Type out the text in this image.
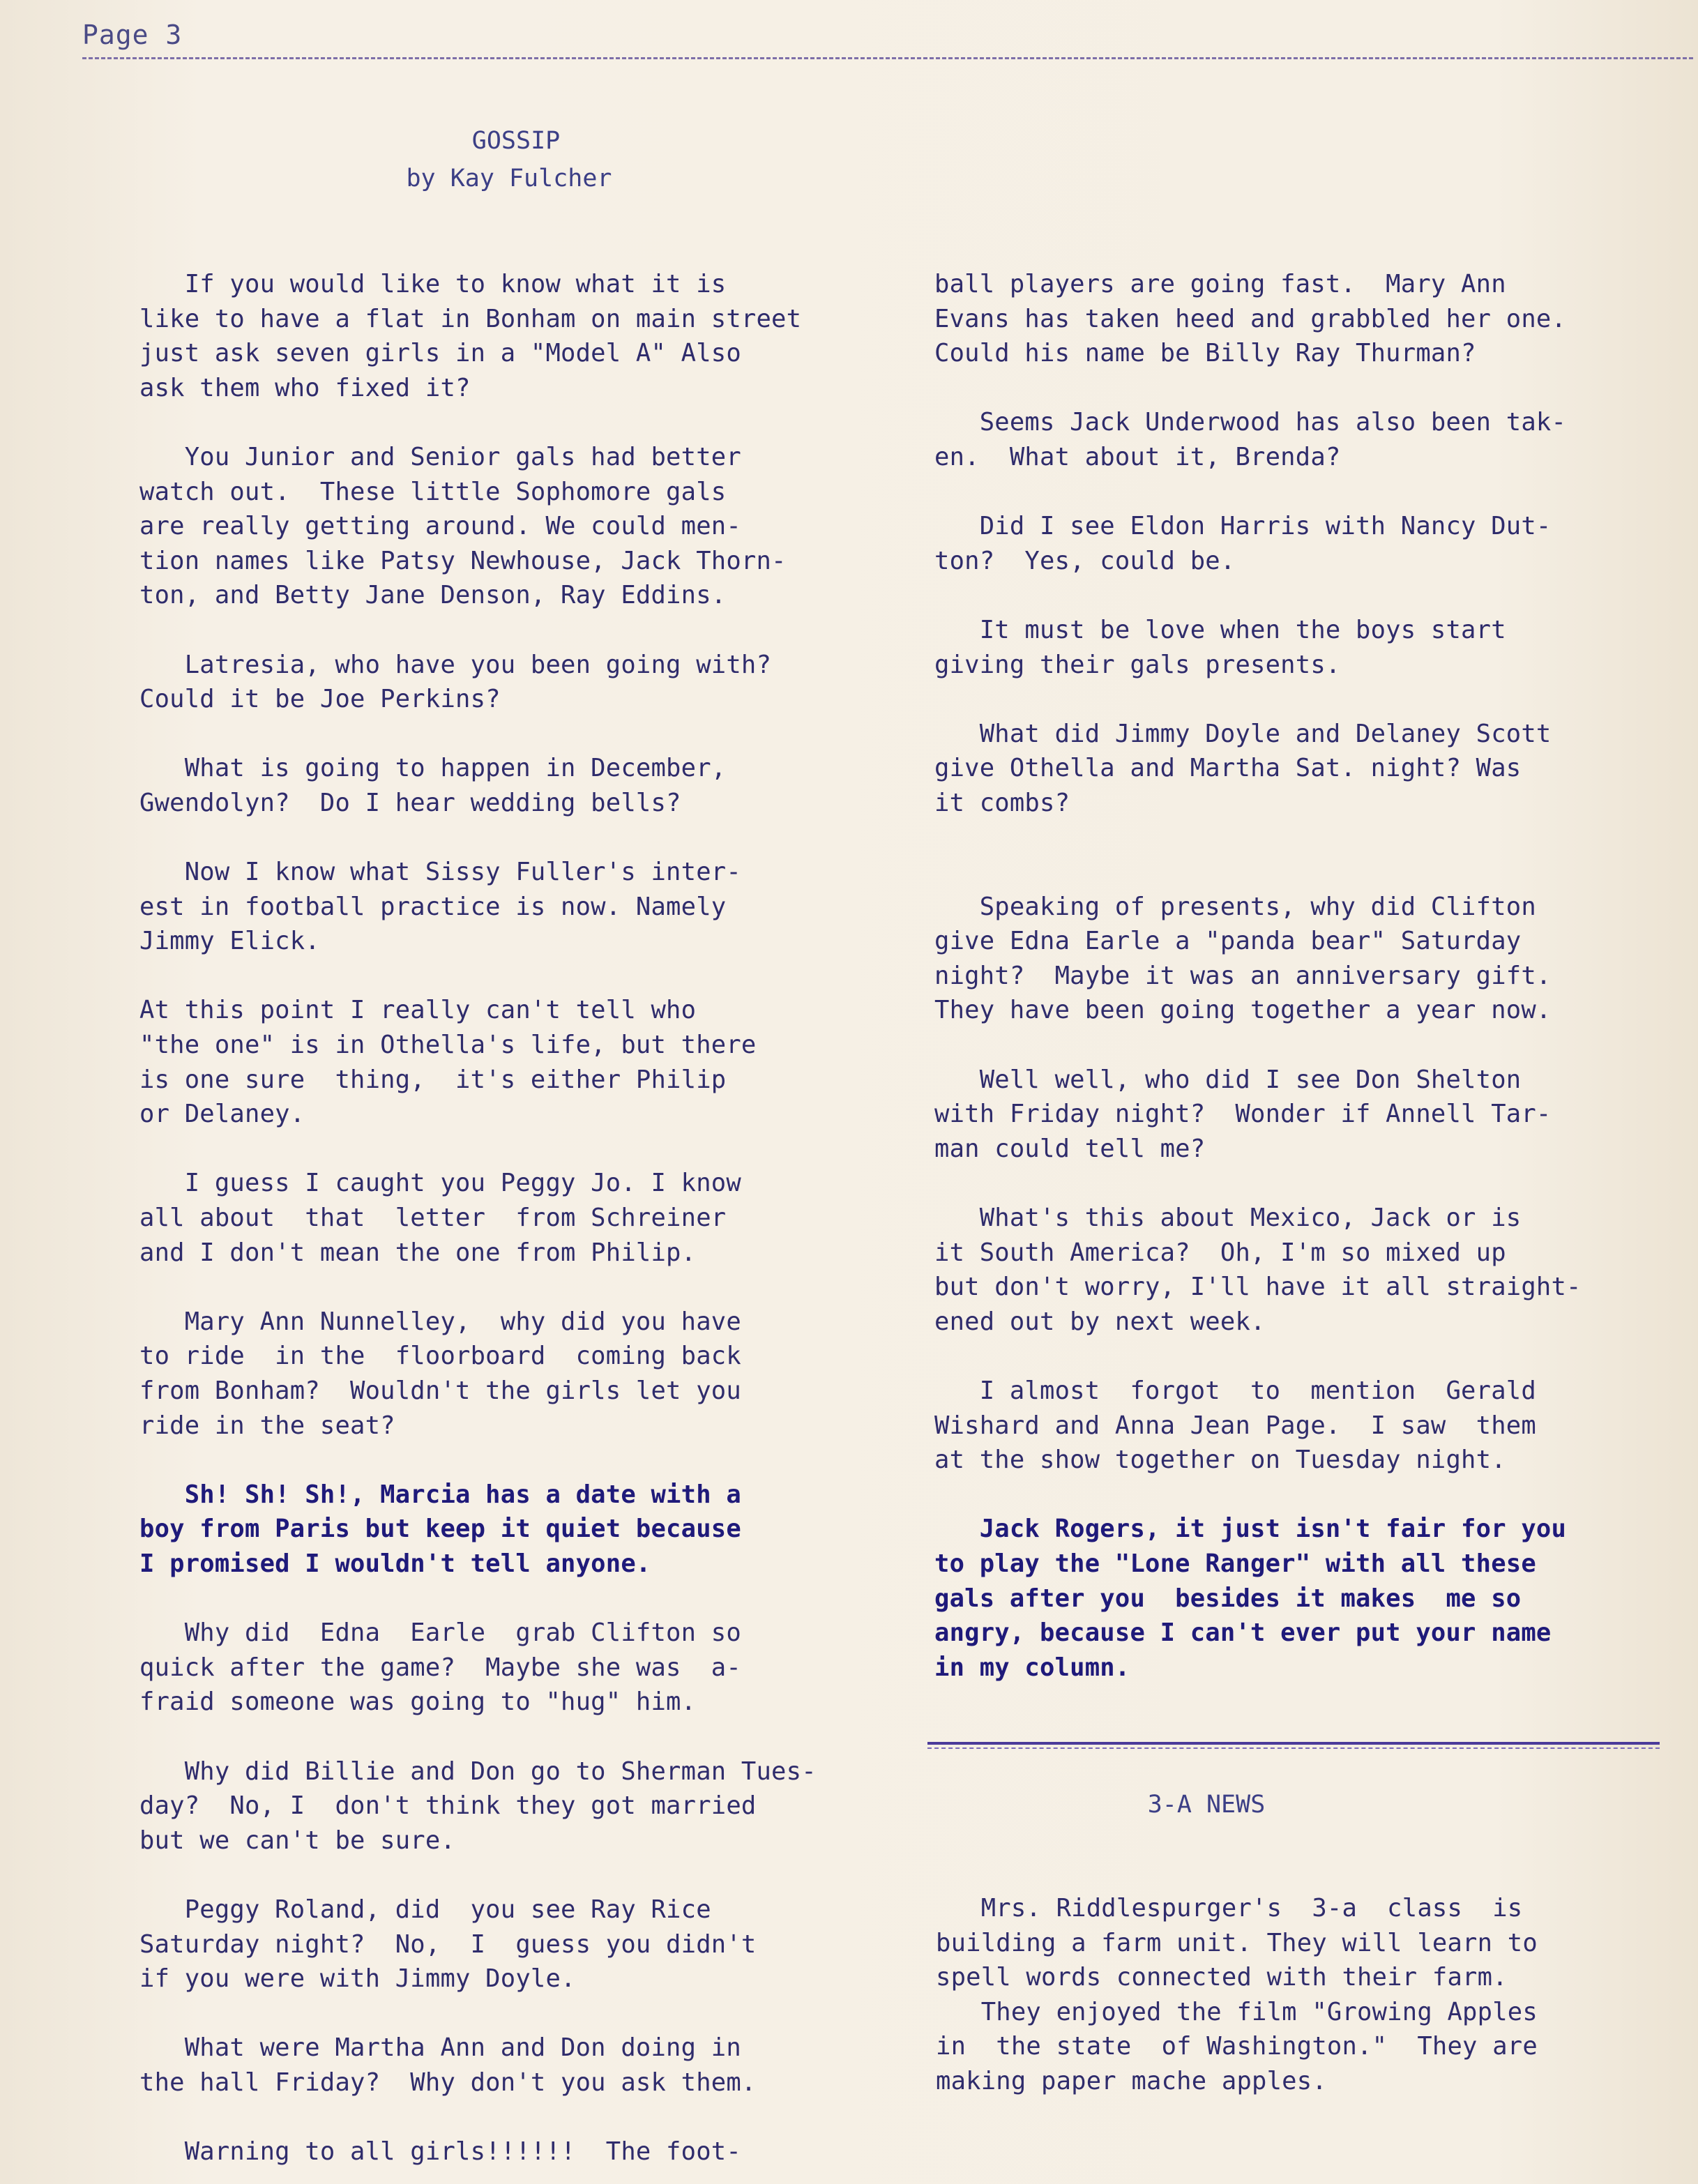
Page 3
GOSSIP
by Kay Fulcher
If you would like to know what it is
like to have a flat in Bonham on main street
just ask seven girls in a "Model A" Also
ask them who fixed it?
You Junior and Senior gals had better
watch out.  These little Sophomore gals
are really getting around. We could men-
tion names like Patsy Newhouse, Jack Thorn-
ton, and Betty Jane Denson, Ray Eddins.
Latresia, who have you been going with?
Could it be Joe Perkins?
What is going to happen in December,
Gwendolyn?  Do I hear wedding bells?
Now I know what Sissy Fuller's inter-
est in football practice is now. Namely
Jimmy Elick.
At this point I really can't tell who
"the one" is in Othella's life, but there
is one sure  thing,  it's either Philip
or Delaney.
I guess I caught you Peggy Jo. I know
all about  that  letter  from Schreiner
and I don't mean the one from Philip.
Mary Ann Nunnelley,  why did you have
to ride  in the  floorboard  coming back
from Bonham?  Wouldn't the girls let you
ride in the seat?
Sh! Sh! Sh!, Marcia has a date with a
boy from Paris but keep it quiet because
I promised I wouldn't tell anyone.
Why did  Edna  Earle  grab Clifton so
quick after the game?  Maybe she was  a-
fraid someone was going to "hug" him.
Why did Billie and Don go to Sherman Tues-
day?  No, I  don't think they got married
but we can't be sure.
Peggy Roland, did  you see Ray Rice
Saturday night?  No,  I  guess you didn't
if you were with Jimmy Doyle.
What were Martha Ann and Don doing in
the hall Friday?  Why don't you ask them.
Warning to all girls!!!!!!  The foot-
ball players are going fast.  Mary Ann
Evans has taken heed and grabbled her one.
Could his name be Billy Ray Thurman?
Seems Jack Underwood has also been tak-
en.  What about it, Brenda?
Did I see Eldon Harris with Nancy Dut-
ton?  Yes, could be.
It must be love when the boys start
giving their gals presents.
What did Jimmy Doyle and Delaney Scott
give Othella and Martha Sat. night? Was
it combs?
Speaking of presents, why did Clifton
give Edna Earle a "panda bear" Saturday
night?  Maybe it was an anniversary gift.
They have been going together a year now.
Well well, who did I see Don Shelton
with Friday night?  Wonder if Annell Tar-
man could tell me?
What's this about Mexico, Jack or is
it South America?  Oh, I'm so mixed up
but don't worry, I'll have it all straight-
ened out by next week.
I almost  forgot  to  mention  Gerald
Wishard and Anna Jean Page.  I saw  them
at the show together on Tuesday night.
Jack Rogers, it just isn't fair for you
to play the "Lone Ranger" with all these
gals after you  besides it makes  me so
angry, because I can't ever put your name
in my column.
3-A NEWS
Mrs. Riddlespurger's  3-a  class  is
building a farm unit. They will learn to
spell words connected with their farm.
They enjoyed the film "Growing Apples
in  the state  of Washington."  They are
making paper mache apples.
